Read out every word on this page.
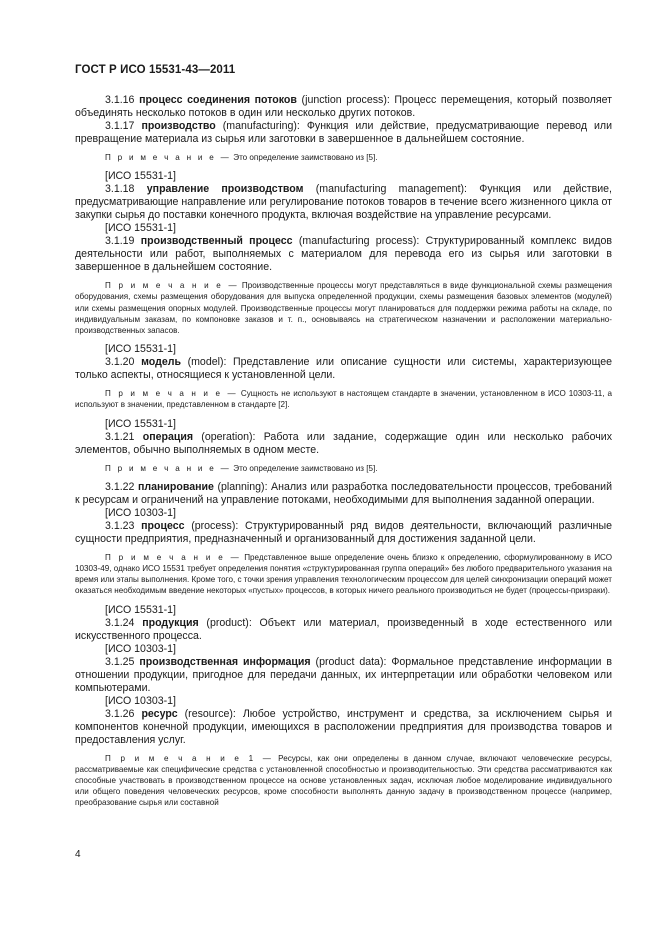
ГОСТ Р ИСО 15531-43—2011

3.1.16 процесс соединения потоков (junction process): Процесс перемещения, который позволяет объединять несколько потоков в один или несколько других потоков.

3.1.17 производство (manufacturing): Функция или действие, предусматривающие перевод или превращение материала из сырья или заготовки в завершенное в дальнейшем состояние.

П р и м е ч а н и е — Это определение заимствовано из [5].

[ИСО 15531-1]

3.1.18 управление производством (manufacturing management): Функция или действие, предусматривающие направление или регулирование потоков товаров в течение всего жизненного цикла от закупки сырья до поставки конечного продукта, включая воздействие на управление ресурсами.

[ИСО 15531-1]

3.1.19 производственный процесс (manufacturing process): Структурированный комплекс видов деятельности или работ, выполняемых с материалом для перевода его из сырья или заготовки в завершенное в дальнейшем состояние.

П р и м е ч а н и е — Производственные процессы могут представляться в виде функциональной схемы размещения оборудования, схемы размещения оборудования для выпуска определенной продукции, схемы размещения базовых элементов (модулей) или схемы размещения опорных модулей. Производственные процессы могут планироваться для поддержки режима работы на складе, по индивидуальным заказам, по компоновке заказов и т. п., основываясь на стратегическом назначении и расположении материально-производственных запасов.

[ИСО 15531-1]

3.1.20 модель (model): Представление или описание сущности или системы, характеризующее только аспекты, относящиеся к установленной цели.

П р и м е ч а н и е — Сущность не используют в настоящем стандарте в значении, установленном в ИСО 10303-11, а используют в значении, представленном в стандарте [2].

[ИСО 15531-1]

3.1.21 операция (operation): Работа или задание, содержащие один или несколько рабочих элементов, обычно выполняемых в одном месте.

П р и м е ч а н и е — Это определение заимствовано из [5].

3.1.22 планирование (planning): Анализ или разработка последовательности процессов, требований к ресурсам и ограничений на управление потоками, необходимыми для выполнения заданной операции.

[ИСО 10303-1]

3.1.23 процесс (process): Структурированный ряд видов деятельности, включающий различные сущности предприятия, предназначенный и организованный для достижения заданной цели.

П р и м е ч а н и е — Представленное выше определение очень близко к определению, сформулированному в ИСО 10303-49, однако ИСО 15531 требует определения понятия «структурированная группа операций» без любого предварительного указания на время или этапы выполнения. Кроме того, с точки зрения управления технологическим процессом для целей синхронизации операций может оказаться необходимым введение некоторых «пустых» процессов, в которых ничего реального производиться не будет (процессы-призраки).

[ИСО 15531-1]

3.1.24 продукция (product): Объект или материал, произведенный в ходе естественного или искусственного процесса.

[ИСО 10303-1]

3.1.25 производственная информация (product data): Формальное представление информации в отношении продукции, пригодное для передачи данных, их интерпретации или обработки человеком или компьютерами.

[ИСО 10303-1]

3.1.26 ресурс (resource): Любое устройство, инструмент и средства, за исключением сырья и компонентов конечной продукции, имеющихся в расположении предприятия для производства товаров и предоставления услуг.

П р и м е ч а н и е 1 — Ресурсы, как они определены в данном случае, включают человеческие ресурсы, рассматриваемые как специфические средства с установленной способностью и производительностью. Эти средства рассматриваются как способные участвовать в производственном процессе на основе установленных задач, исключая любое моделирование индивидуального или общего поведения человеческих ресурсов, кроме способности выполнять данную задачу в производственном процессе (например, преобразование сырья или составной

4
